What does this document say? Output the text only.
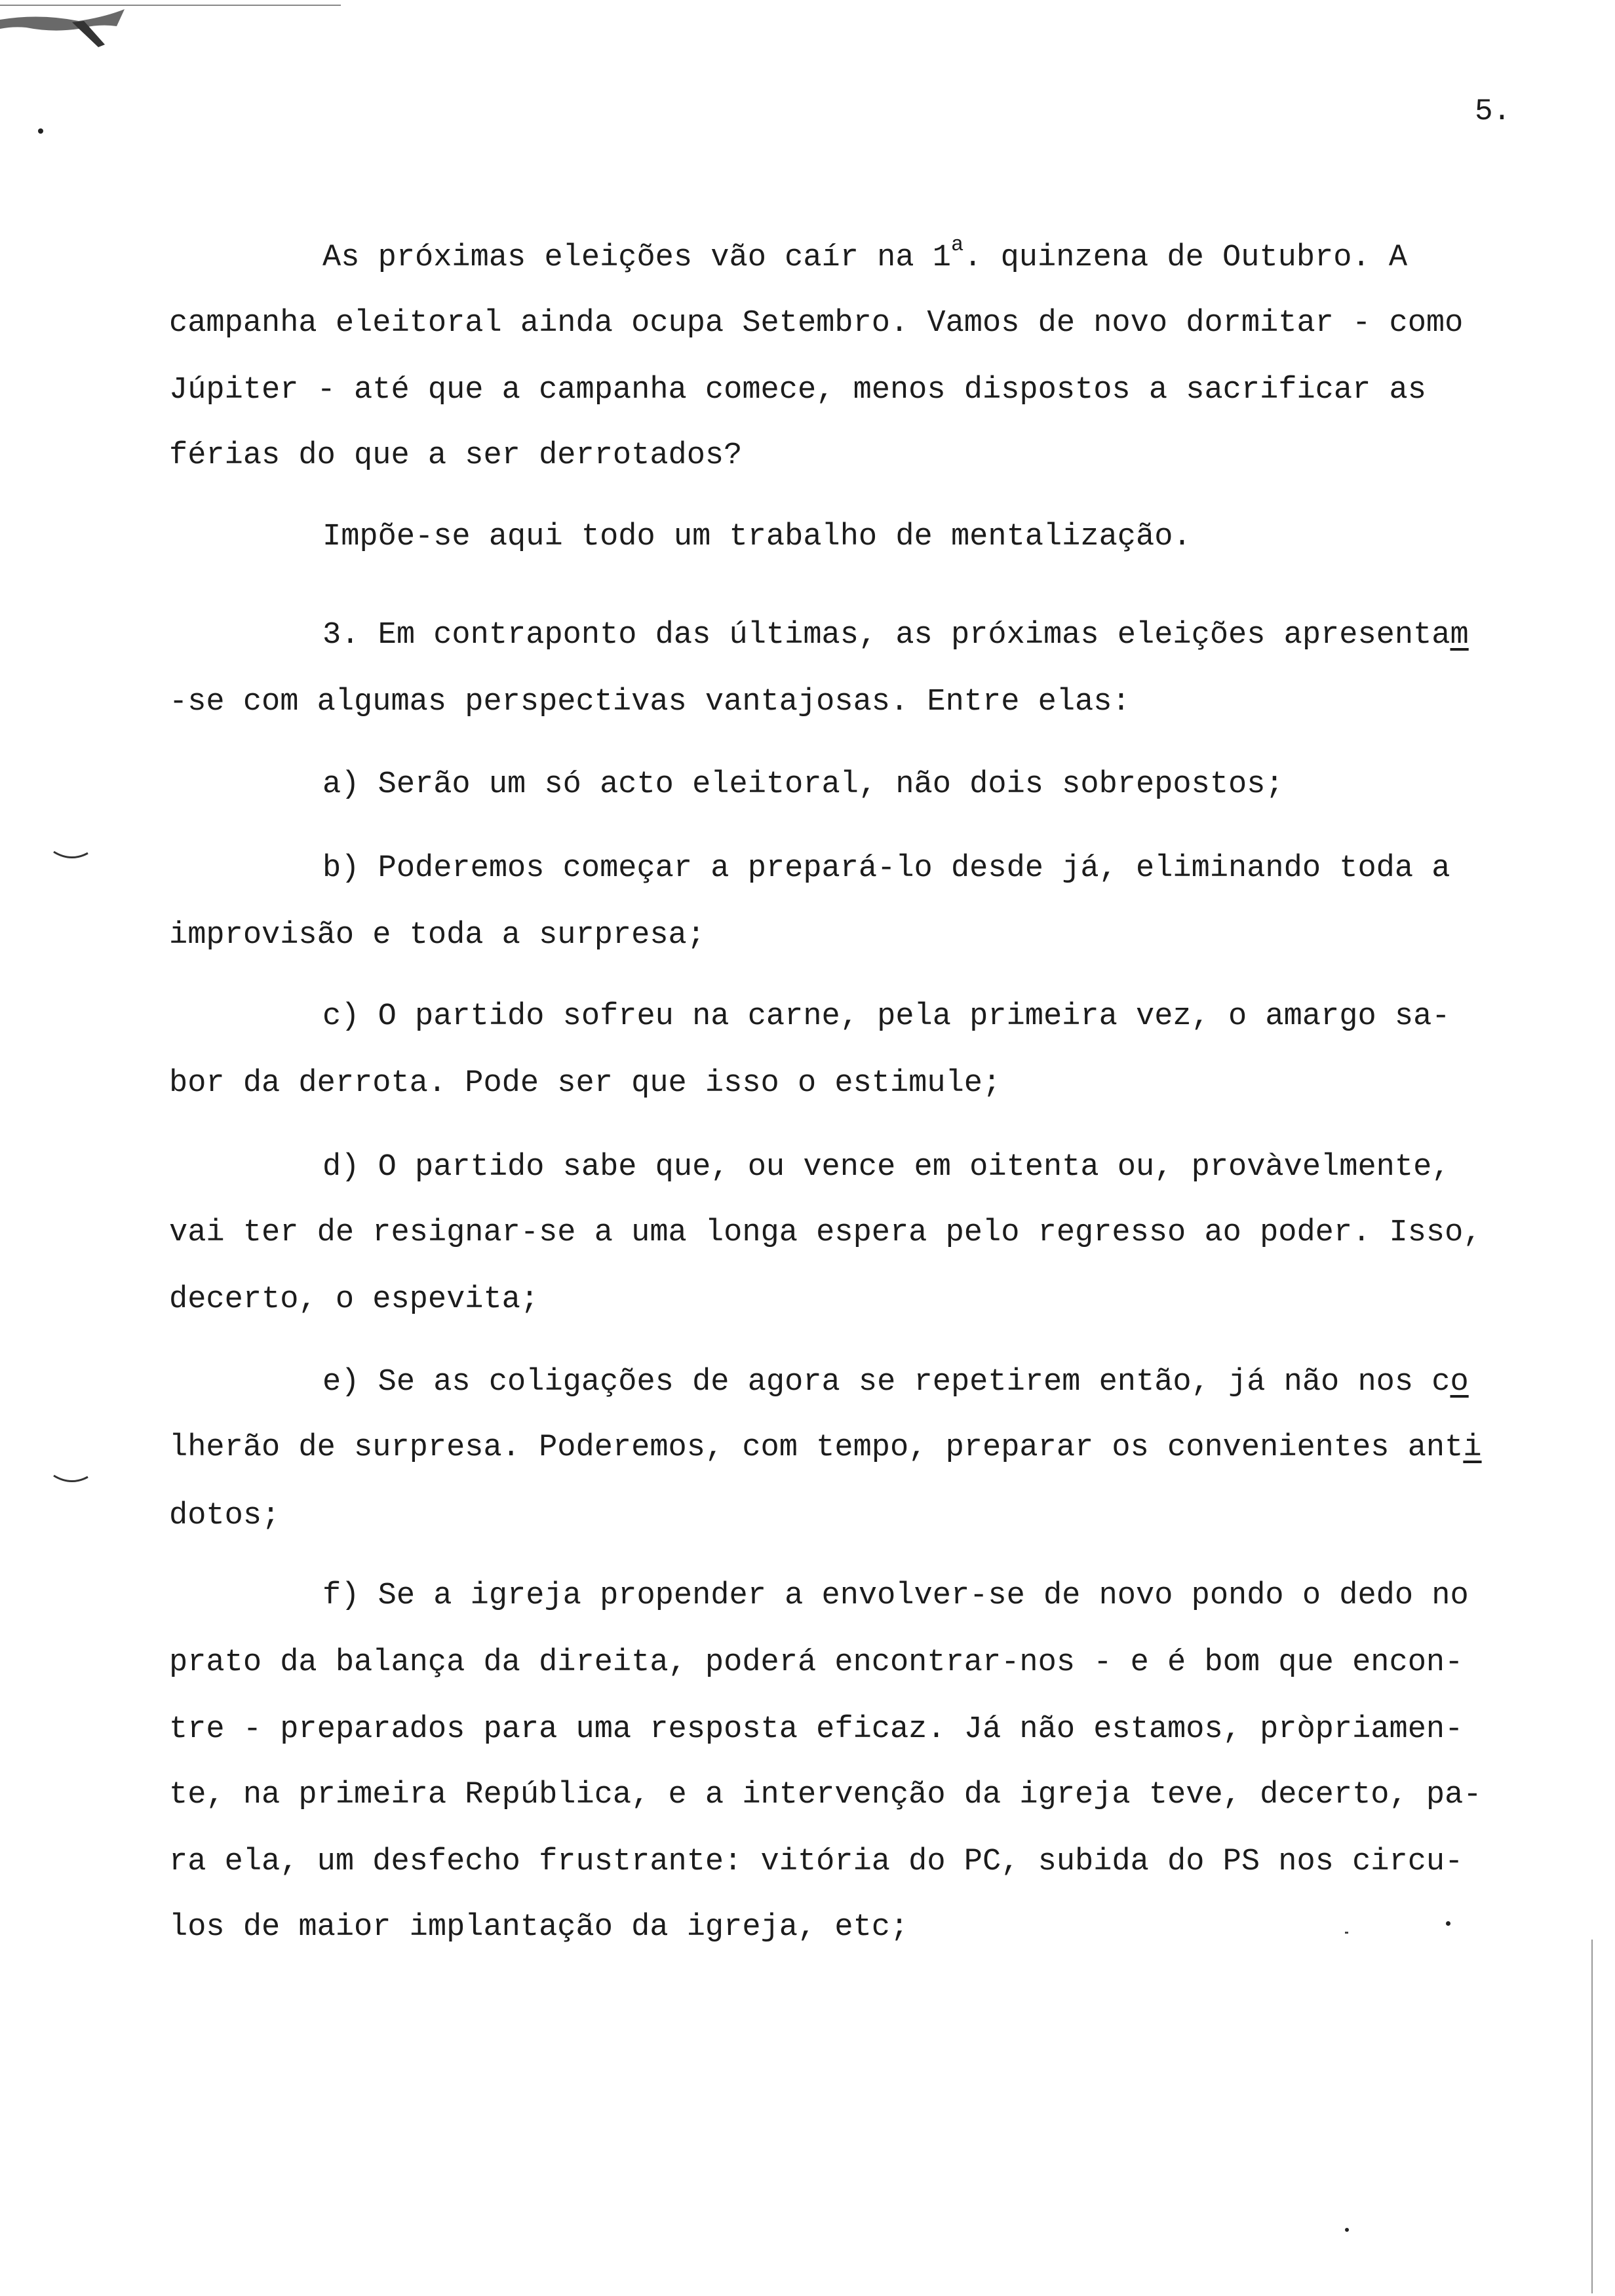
5.
As próximas eleições vão caír na 1$^a$. quinzena de Outubro. A
campanha eleitoral ainda ocupa Setembro. Vamos de novo dormitar - como
Júpiter - até que a campanha comece, menos dispostos a sacrificar as
férias do que a ser derrotados?
Impõe-se aqui todo um trabalho de mentalização.
3. Em contraponto das últimas, as próximas eleições apresentam
-se com algumas perspectivas vantajosas. Entre elas:
a) Serão um só acto eleitoral, não dois sobrepostos;
b) Poderemos começar a prepará-lo desde já, eliminando toda a
improvisão e toda a surpresa;
c) O partido sofreu na carne, pela primeira vez, o amargo sa-
bor da derrota. Pode ser que isso o estimule;
d) O partido sabe que, ou vence em oitenta ou, provàvelmente,
vai ter de resignar-se a uma longa espera pelo regresso ao poder. Isso,
decerto, o espevita;
e) Se as coligações de agora se repetirem então, já não nos co
lherão de surpresa. Poderemos, com tempo, preparar os convenientes anti
dotos;
f) Se a igreja propender a envolver-se de novo pondo o dedo no
prato da balança da direita, poderá encontrar-nos - e é bom que encon-
tre - preparados para uma resposta eficaz. Já não estamos, pròpriamen-
te, na primeira República, e a intervenção da igreja teve, decerto, pa-
ra ela, um desfecho frustrante: vitória do PC, subida do PS nos circu-
los de maior implantação da igreja, etc;
